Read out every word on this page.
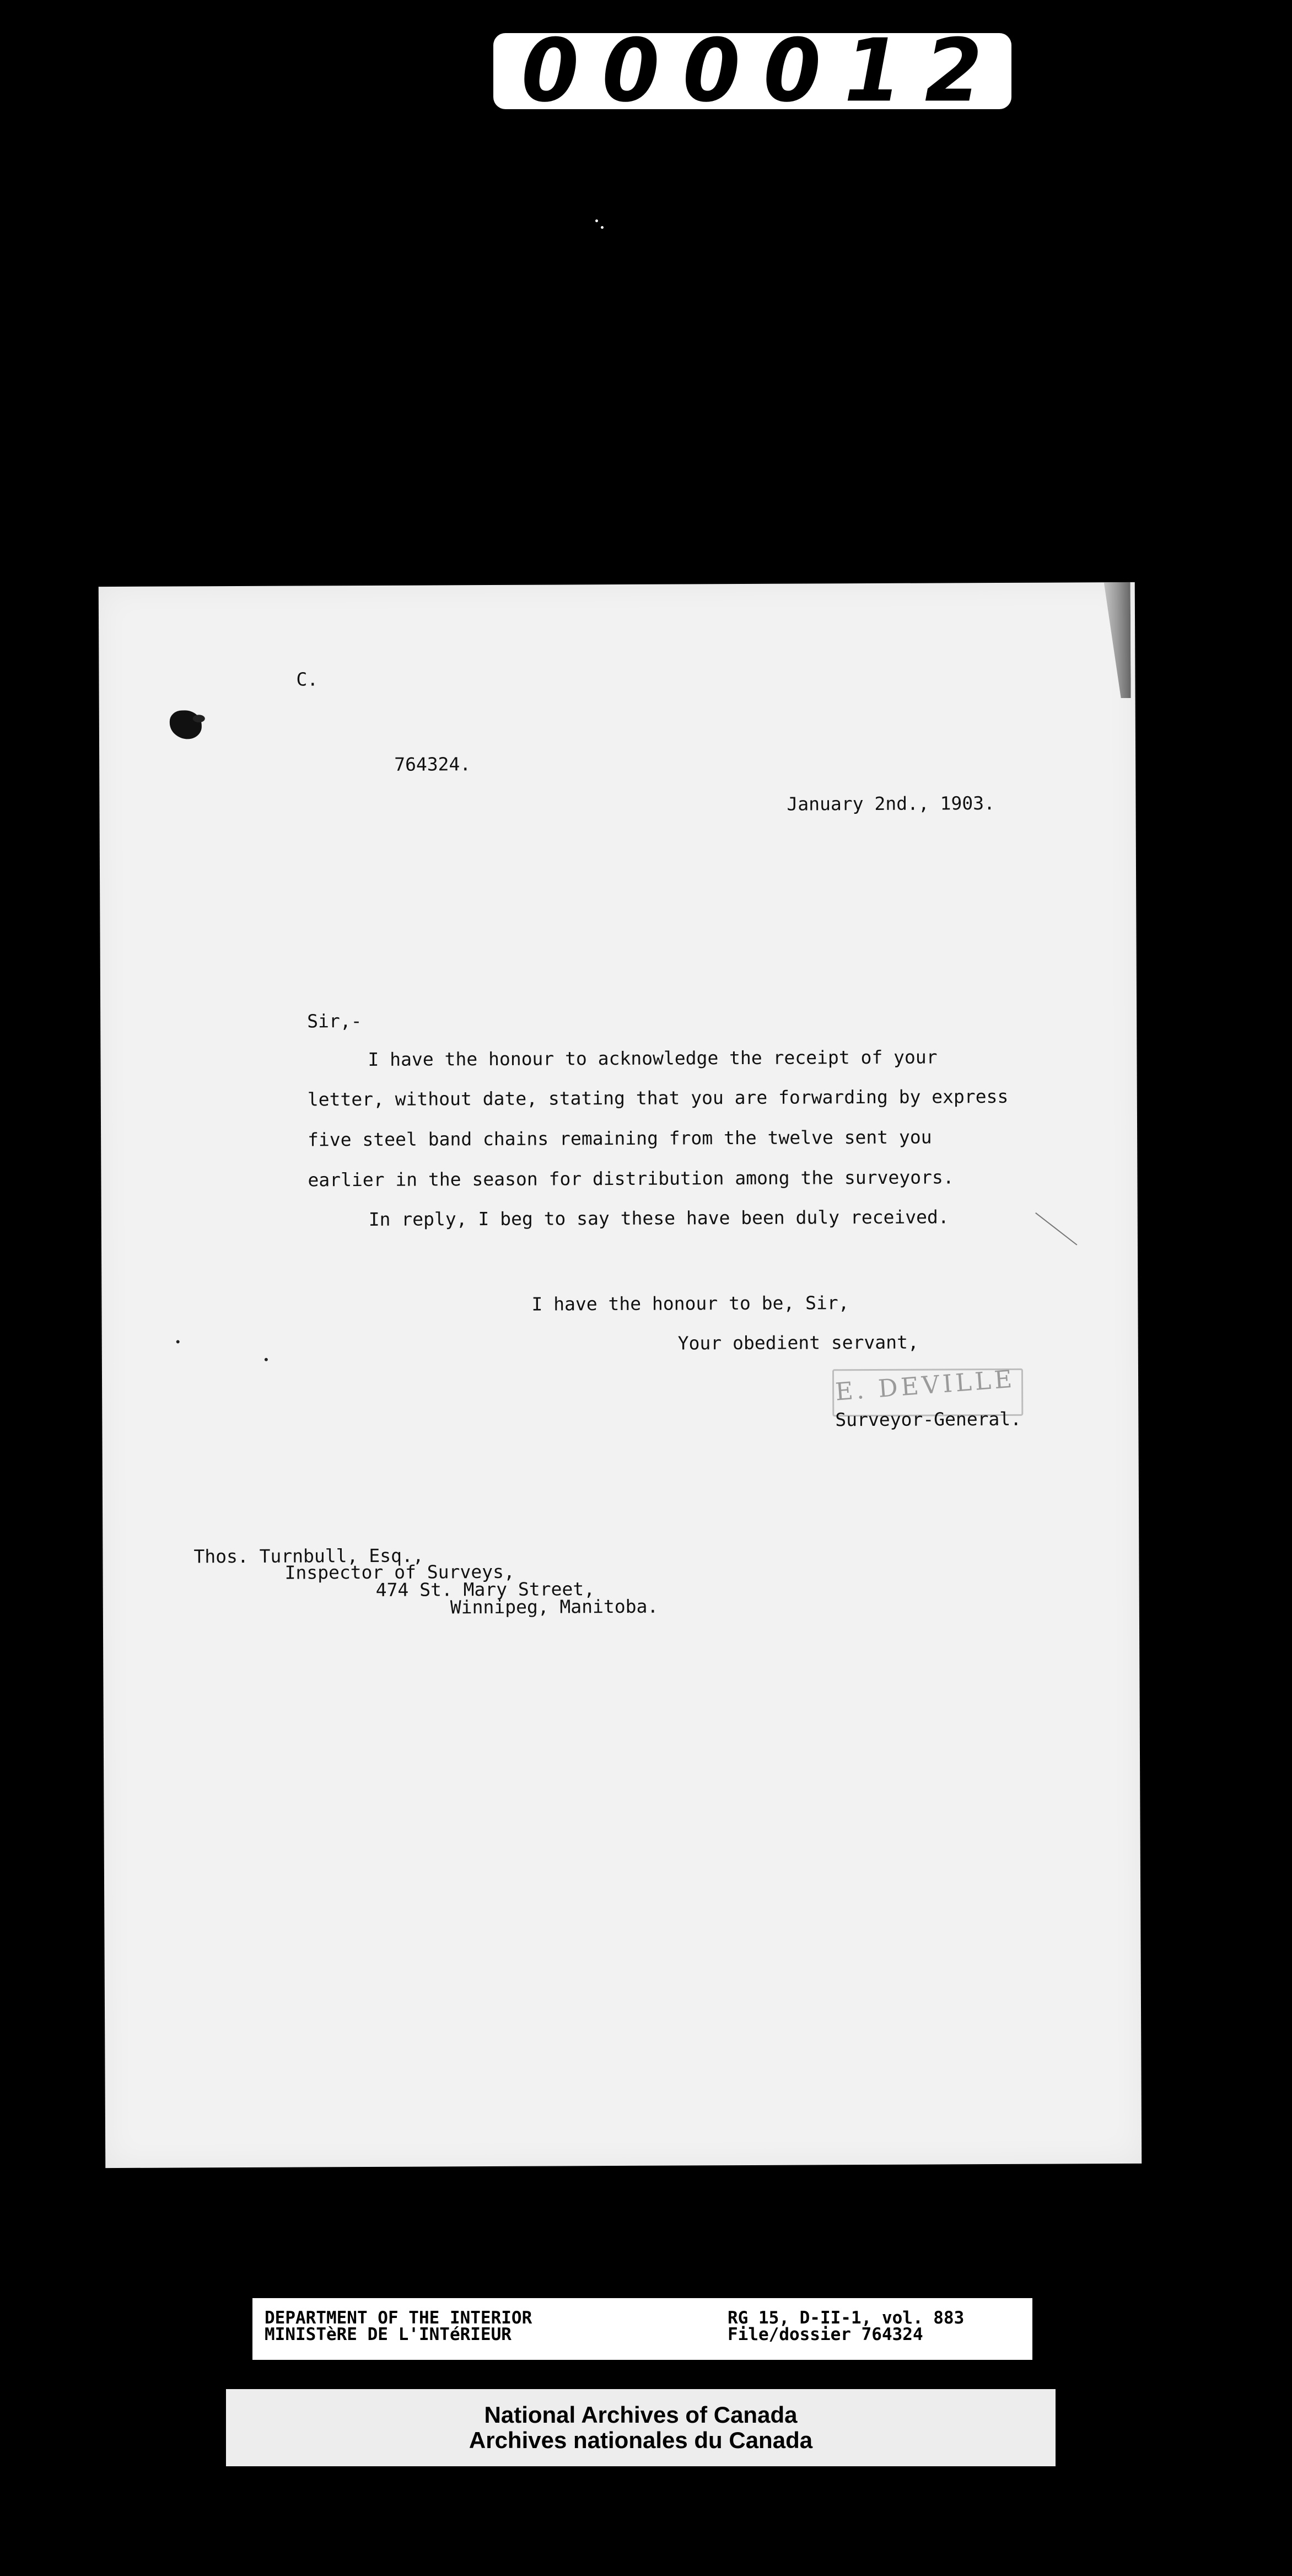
000012
C.
764324.
January 2nd., 1903.
Sir,-
I have the honour to acknowledge the receipt of your
letter, without date, stating that you are forwarding by express
five steel band chains remaining from the twelve sent you
earlier in the season for distribution among the surveyors.
In reply, I beg to say these have been duly received.
I have the honour to be, Sir,
Your obedient servant,
E. DEVILLE
Surveyor-General.
Thos. Turnbull, Esq.,
Inspector of Surveys,
474 St. Mary Street,
Winnipeg, Manitoba.
DEPARTMENT OF THE INTERIOR
MINISTèRE DE L'INTéRIEUR
RG 15, D-II-1, vol. 883
File/dossier 764324
National Archives of Canada
Archives nationales du Canada
